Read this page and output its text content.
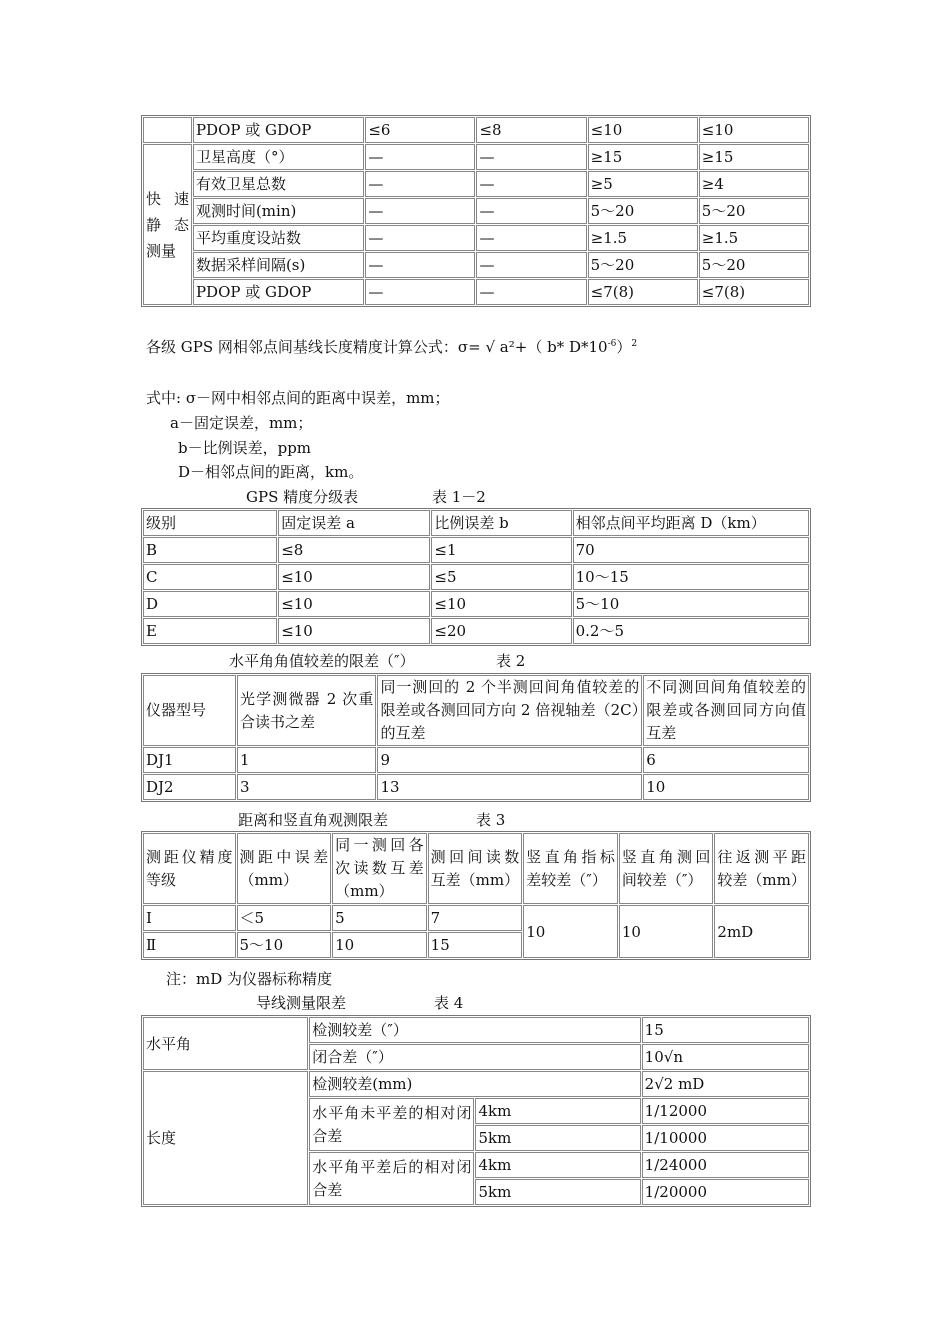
	PDOP 或 GDOP	≤6	≤8	≤10	≤10
快 速 静 态 测量	卫星高度（°）	—	—	≥15	≥15
	有效卫星总数	—	—	≥5	≥4
	观测时间(min)	—	—	5～20	5～20
	平均重度设站数	—	—	≥1.5	≥1.5
	数据采样间隔(s)	—	—	5～20	5～20
	PDOP 或 GDOP	—	—	≤7(8)	≤7(8)
各级 GPS 网相邻点间基线长度精度计算公式：σ= √ a²+（ b* $D*10^{-6})^2$
式中: σ－网中相邻点间的距离中误差，mm；
a－固定误差，mm；
b－比例误差，ppm
D－相邻点间的距离，km。
GPS 精度分级表	表 1－2
级别	固定误差 a	比例误差 b	相邻点间平均距离 D（km）
B	≤8	≤1	70
C	≤10	≤5	10～15
D	≤10	≤10	5～10
E	≤10	≤20	0.2～5
水平角角值较差的限差（″）	表 2
仪器型号	光学测微器 2 次重合读书之差	同一测回的 2 个半测回间角值较差的限差或各测回同方向 2 倍视轴差（2C）的互差	不同测回间角值较差的限差或各测回同方向值互差
DJ1	1	9	6
DJ2	3	13	10
距离和竖直角观测限差	表 3
测距仪精度等级	测距中误差（mm）	同一测回各次读数互差（mm）	测回间读数互差（mm）	竖直角指标差较差（″）	竖直角测回间较差（″）	往返测平距较差（mm）
Ⅰ	＜5	5	7	10	10	2mD
Ⅱ	5～10	10	15			
注：mD 为仪器标称精度
导线测量限差	表 4
水平角	检测较差（″）		15
	闭合差（″）		10√n
长度	检测较差(mm)		2√2 mD
	水平角未平差的相对闭合差	4km	1/12000
		5km	1/10000
	水平角平差后的相对闭合差	4km	1/24000
		5km	1/20000
